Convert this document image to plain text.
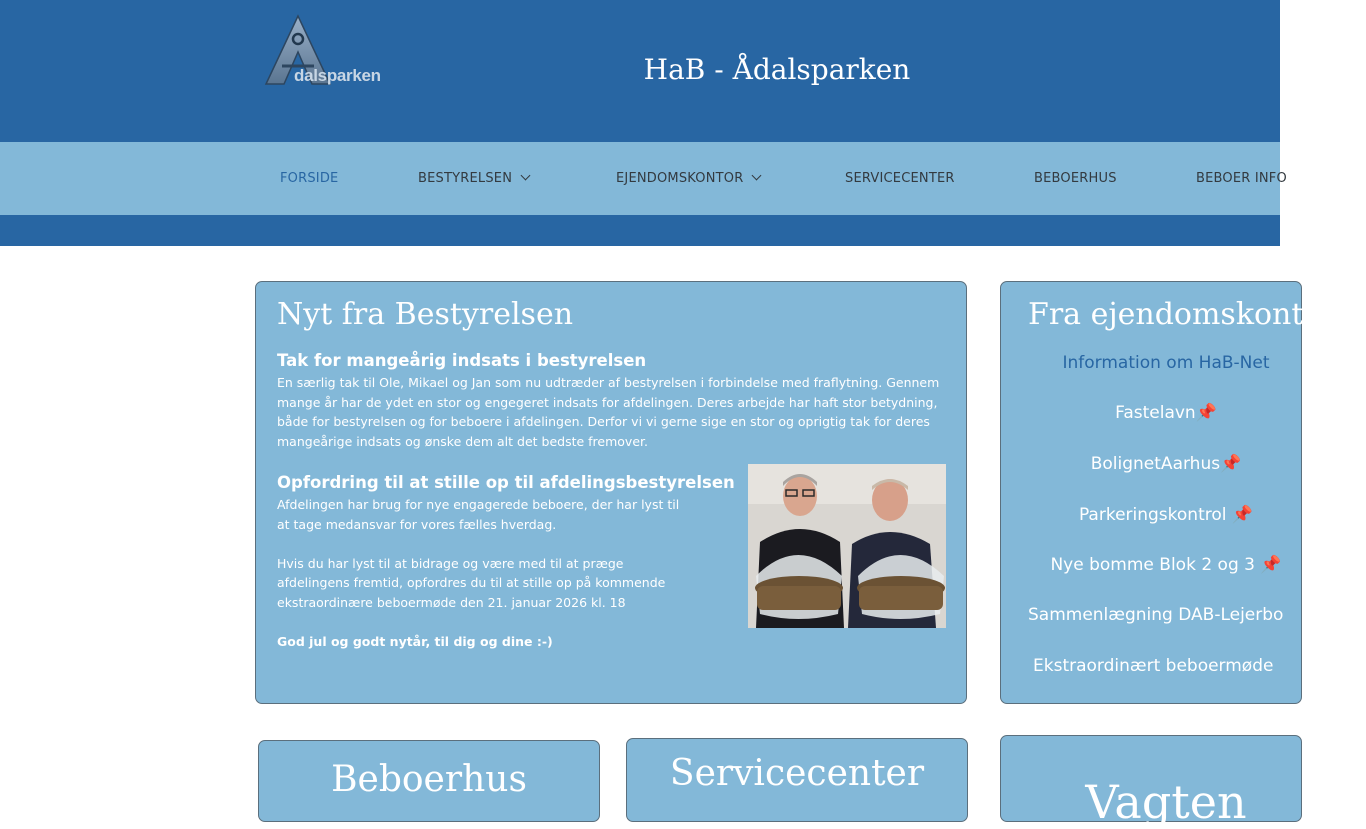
dalsparken	HaB - Ådalsparken
FORSIDE	BESTYRELSEN	EJENDOMSKONTOR	SERVICECENTER	BEBOERHUS	BEBOER INFO
Nyt fra Bestyrelsen
Tak for mangeårig indsats i bestyrelsen
En særlig tak til Ole, Mikael og Jan som nu udtræder af bestyrelsen i forbindelse med fraflytning. Gennem
mange år har de ydet en stor og engegeret indsats for afdelingen. Deres arbejde har haft stor betydning,
både for bestyrelsen og for beboere i afdelingen. Derfor vi vi gerne sige en stor og oprigtig tak for deres
mangeårige indsats og ønske dem alt det bedste fremover.
Opfordring til at stille op til afdelingsbestyrelsen
Afdelingen har brug for nye engagerede beboere, der har lyst til
at tage medansvar for vores fælles hverdag.
Hvis du har lyst til at bidrage og være med til at præge
afdelingens fremtid, opfordres du til at stille op på kommende
ekstraordinære beboermøde den 21. januar 2026 kl. 18
God jul og godt nytår, til dig og dine :-)
Fra ejendomskontoret
Information om HaB-Net
Fastelavn📌
BolignetAarhus📌
Parkeringskontrol 📌
Nye bomme Blok 2 og 3 📌
Sammenlægning DAB-Lejerbo
Ekstraordinært beboermøde
Beboerhus	Servicecenter
Vagten
